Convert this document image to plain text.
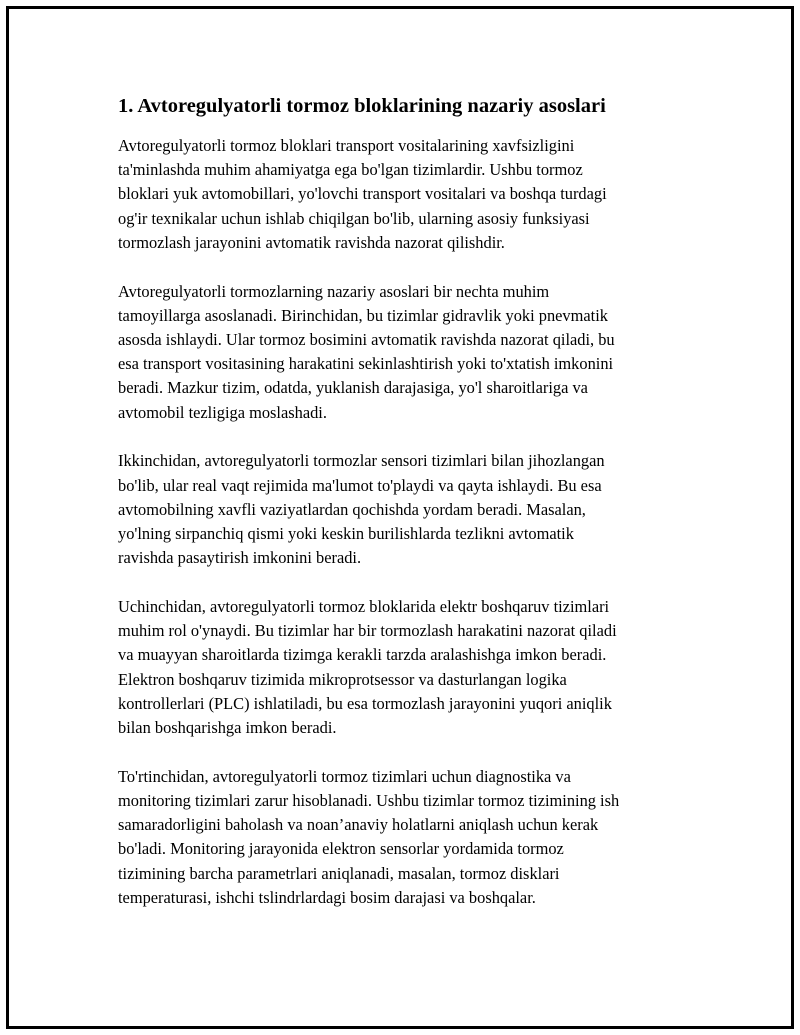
1. Avtoregulyatorli tormoz bloklarining nazariy asoslari

Avtoregulyatorli tormoz bloklari transport vositalarining xavfsizligini
ta'minlashda muhim ahamiyatga ega bo'lgan tizimlardir. Ushbu tormoz
bloklari yuk avtomobillari, yo'lovchi transport vositalari va boshqa turdagi
og'ir texnikalar uchun ishlab chiqilgan bo'lib, ularning asosiy funksiyasi
tormozlash jarayonini avtomatik ravishda nazorat qilishdir.

Avtoregulyatorli tormozlarning nazariy asoslari bir nechta muhim
tamoyillarga asoslanadi. Birinchidan, bu tizimlar gidravlik yoki pnevmatik
asosda ishlaydi. Ular tormoz bosimini avtomatik ravishda nazorat qiladi, bu
esa transport vositasining harakatini sekinlashtirish yoki to'xtatish imkonini
beradi. Mazkur tizim, odatda, yuklanish darajasiga, yo'l sharoitlariga va
avtomobil tezligiga moslashadi.

Ikkinchidan, avtoregulyatorli tormozlar sensori tizimlari bilan jihozlangan
bo'lib, ular real vaqt rejimida ma'lumot to'playdi va qayta ishlaydi. Bu esa
avtomobilning xavfli vaziyatlardan qochishda yordam beradi. Masalan,
yo'lning sirpanchiq qismi yoki keskin burilishlarda tezlikni avtomatik
ravishda pasaytirish imkonini beradi.

Uchinchidan, avtoregulyatorli tormoz bloklarida elektr boshqaruv tizimlari
muhim rol o'ynaydi. Bu tizimlar har bir tormozlash harakatini nazorat qiladi
va muayyan sharoitlarda tizimga kerakli tarzda aralashishga imkon beradi.
Elektron boshqaruv tizimida mikroprotsessor va dasturlangan logika
kontrollerlari (PLC) ishlatiladi, bu esa tormozlash jarayonini yuqori aniqlik
bilan boshqarishga imkon beradi.

To'rtinchidan, avtoregulyatorli tormoz tizimlari uchun diagnostika va
monitoring tizimlari zarur hisoblanadi. Ushbu tizimlar tormoz tizimining ish
samaradorligini baholash va noan’anaviy holatlarni aniqlash uchun kerak
bo'ladi. Monitoring jarayonida elektron sensorlar yordamida tormoz
tizimining barcha parametrlari aniqlanadi, masalan, tormoz disklari
temperaturasi, ishchi tslindrlardagi bosim darajasi va boshqalar.
